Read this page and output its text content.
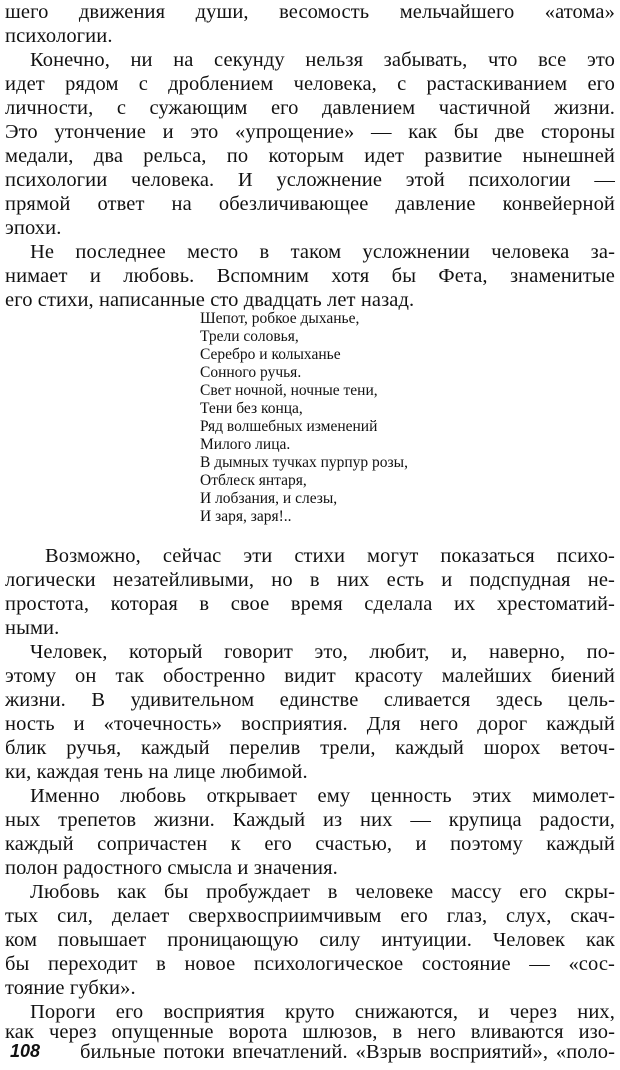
шего движения души, весомость мельчайшего «атома»
психологии.
Конечно, ни на секунду нельзя забывать, что все это
идет рядом с дроблением человека, с растаскиванием его
личности, с сужающим его давлением частичной жизни.
Это утончение и это «упрощение» — как бы две стороны
медали, два рельса, по которым идет развитие нынешней
психологии человека. И усложнение этой психологии —
прямой ответ на обезличивающее давление конвейерной
эпохи.
Не последнее место в таком усложнении человека за-
нимает и любовь. Вспомним хотя бы Фета, знаменитые
его стихи, написанные сто двадцать лет назад.
Шепот, робкое дыханье,
Трели соловья,
Серебро и колыханье
Сонного ручья.
Свет ночной, ночные тени,
Тени без конца,
Ряд волшебных изменений
Милого лица.
В дымных тучках пурпур розы,
Отблеск янтаря,
И лобзания, и слезы,
И заря, заря!..
Возможно, сейчас эти стихи могут показаться психо-
логически незатейливыми, но в них есть и подспудная не-
простота, которая в свое время сделала их хрестоматий-
ными.
Человек, который говорит это, любит, и, наверно, по-
этому он так обостренно видит красоту малейших биений
жизни. В удивительном единстве сливается здесь цель-
ность и «точечность» восприятия. Для него дорог каждый
блик ручья, каждый перелив трели, каждый шорох веточ-
ки, каждая тень на лице любимой.
Именно любовь открывает ему ценность этих мимолет-
ных трепетов жизни. Каждый из них — крупица радости,
каждый сопричастен к его счастью, и поэтому каждый
полон радостного смысла и значения.
Любовь как бы пробуждает в человеке массу его скры-
тых сил, делает сверхвосприимчивым его глаз, слух, скач-
ком повышает проницающую силу интуиции. Человек как
бы переходит в новое психологическое состояние — «сос-
тояние губки».
Пороги его восприятия круто снижаются, и через них,
как через опущенные ворота шлюзов, в него вливаются изо-
бильные потоки впечатлений. «Взрыв восприятий», «поло-
108
